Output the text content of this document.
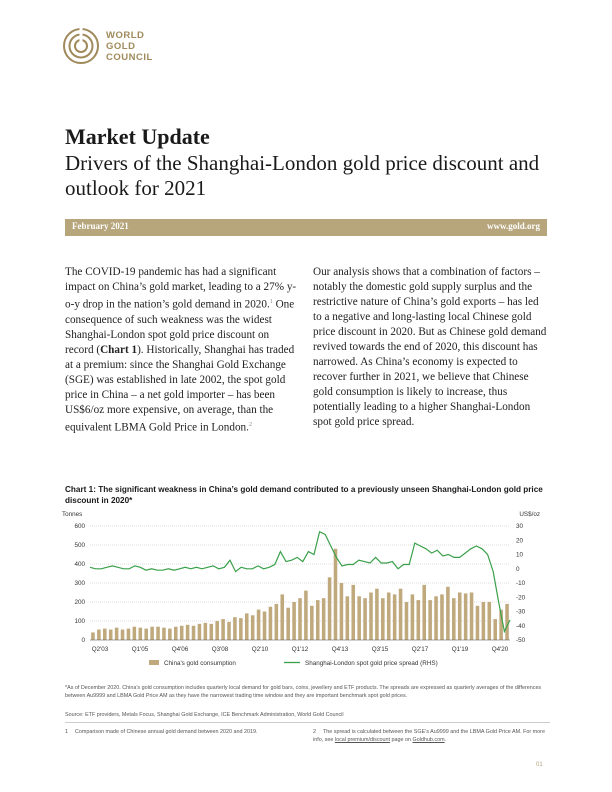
WORLD
GOLD
COUNCIL
Market Update
Drivers of the Shanghai-London gold price discount and outlook for 2021
February 2021	www.gold.org

The COVID-19 pandemic has had a significant impact on China’s gold market, leading to a 27% y-o-y drop in the nation’s gold demand in 2020.$^1$ One consequence of such weakness was the widest Shanghai-London spot gold price discount on record (Chart 1). Historically, Shanghai has traded at a premium: since the Shanghai Gold Exchange (SGE) was established in late 2002, the spot gold price in China – a net gold importer – has been US$6/oz more expensive, on average, than the equivalent LBMA Gold Price in London.$^2$

Our analysis shows that a combination of factors – notably the domestic gold supply surplus and the restrictive nature of China’s gold exports – has led to a negative and long-lasting local Chinese gold price discount in 2020. But as Chinese gold demand revived towards the end of 2020, this discount has narrowed. As China’s economy is expected to recover further in 2021, we believe that Chinese gold consumption is likely to increase, thus potentially leading to a higher Shanghai-London spot gold price spread.

Chart 1: The significant weakness in China’s gold demand contributed to a previously unseen Shanghai-London gold price discount in 2020*
Tonnes	US$/oz
0
100
200
300
400
500
600
-50
-40
-30
-20
-10
0
10
20
30
Q2'03	Q1'05	Q4'06	Q3'08	Q2'10	Q1'12	Q4'13	Q3'15	Q2'17	Q1'19	Q4'20
China's gold consumption	Shanghai-London spot gold price spread (RHS)
*As of December 2020. China’s gold consumption includes quarterly local demand for gold bars, coins, jewellery and ETF products. The spreads are expressed as quarterly averages of the differences between Au9999 and LBMA Gold Price AM as they have the narrowest trading time window and they are important benchmark spot gold prices.
Source: ETF providers, Metals Focus, Shanghai Gold Exchange, ICE Benchmark Administration, World Gold Council
1 Comparison made of Chinese annual gold demand between 2020 and 2019.	2 The spread is calculated between the SGE’s Au9999 and the LBMA Gold Price AM. For more info, see local premium/discount page on Goldhub.com.
01
